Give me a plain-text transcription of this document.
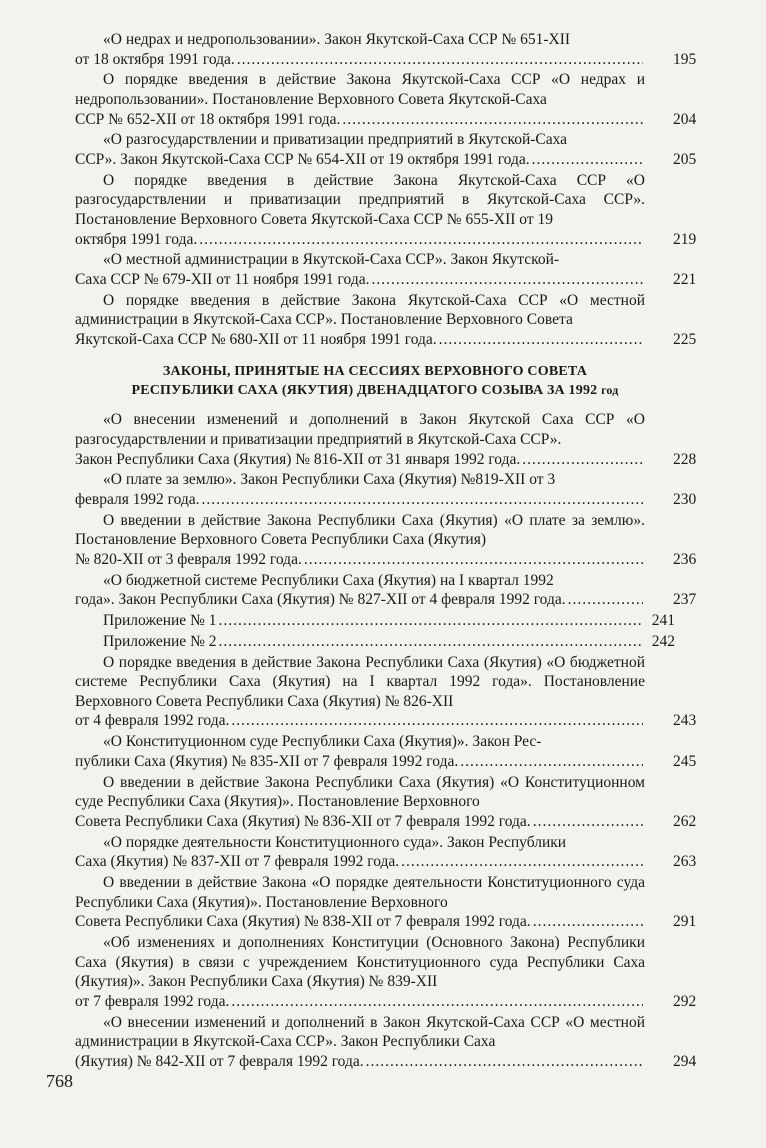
«О недрах и недропользовании». Закон Якутской-Саха ССР № 651-XII
от 18 октября 1991 года. .....	195
О порядке введения в действие Закона Якутской-Саха ССР «О недрах и недропользовании». Постановление Верховного Совета Якутской-Саха
ССР № 652-XII от 18 октября 1991 года. .....	204
«О разгосударствлении и приватизации предприятий в Якутской-Саха
ССР». Закон Якутской-Саха ССР № 654-XII от 19 октября 1991 года. .....	205
О порядке введения в действие Закона Якутской-Саха ССР «О разгосударствлении и приватизации предприятий в Якутской-Саха ССР». Постановление Верховного Совета Якутской-Саха ССР № 655-XII от 19
октября 1991 года. .....	219
«О местной администрации в Якутской-Саха ССР». Закон Якутской-
Саха ССР № 679-XII от 11 ноября 1991 года. .....	221
О порядке введения в действие Закона Якутской-Саха ССР «О местной администрации в Якутской-Саха ССР». Постановление Верховного Совета
Якутской-Саха ССР № 680-XII от 11 ноября 1991 года. .....	225
ЗАКОНЫ, ПРИНЯТЫЕ НА СЕССИЯХ ВЕРХОВНОГО СОВЕТА
РЕСПУБЛИКИ САХА (ЯКУТИЯ) ДВЕНАДЦАТОГО СОЗЫВА ЗА 1992 год
«О внесении изменений и дополнений в Закон Якутской Саха ССР «О разгосударствлении и приватизации предприятий в Якутской-Саха ССР».
Закон Республики Саха (Якутия) № 816-XII от 31 января 1992 года. .....	228
«О плате за землю». Закон Республики Саха (Якутия) №819-XII от 3
февраля 1992 года. .....	230
О введении в действие Закона Республики Саха (Якутия) «О плате за землю». Постановление Верховного Совета Республики Саха (Якутия)
№ 820-XII от 3 февраля 1992 года. .....	236
«О бюджетной системе Республики Саха (Якутия) на I квартал 1992
года». Закон Республики Саха (Якутия) № 827-XII от 4 февраля 1992 года. .....	237
Приложение № 1 .....	241
Приложение № 2 .....	242
О порядке введения в действие Закона Республики Саха (Якутия) «О бюджетной системе Республики Саха (Якутия) на I квартал 1992 года». Постановление Верховного Совета Республики Саха (Якутия) № 826-XII
от 4 февраля 1992 года. .....	243
«О Конституционном суде Республики Саха (Якутия)». Закон Рес-
публики Саха (Якутия) № 835-XII от 7 февраля 1992 года. .....	245
О введении в действие Закона Республики Саха (Якутия) «О Конституционном суде Республики Саха (Якутия)». Постановление Верховного
Совета Республики Саха (Якутия) № 836-XII от 7 февраля 1992 года. .....	262
«О порядке деятельности Конституционного суда». Закон Республики
Саха (Якутия) № 837-XII от 7 февраля 1992 года. .....	263
О введении в действие Закона «О порядке деятельности Конституционного суда Республики Саха (Якутия)». Постановление Верховного
Совета Республики Саха (Якутия) № 838-XII от 7 февраля 1992 года. .....	291
«Об изменениях и дополнениях Конституции (Основного Закона) Республики Саха (Якутия) в связи с учреждением Конституционного суда Республики Саха (Якутия)». Закон Республики Саха (Якутия) № 839-XII
от 7 февраля 1992 года. .....	292
«О внесении изменений и дополнений в Закон Якутской-Саха ССР «О местной администрации в Якутской-Саха ССР». Закон Республики Саха
(Якутия) № 842-XII от 7 февраля 1992 года. .....	294
768
